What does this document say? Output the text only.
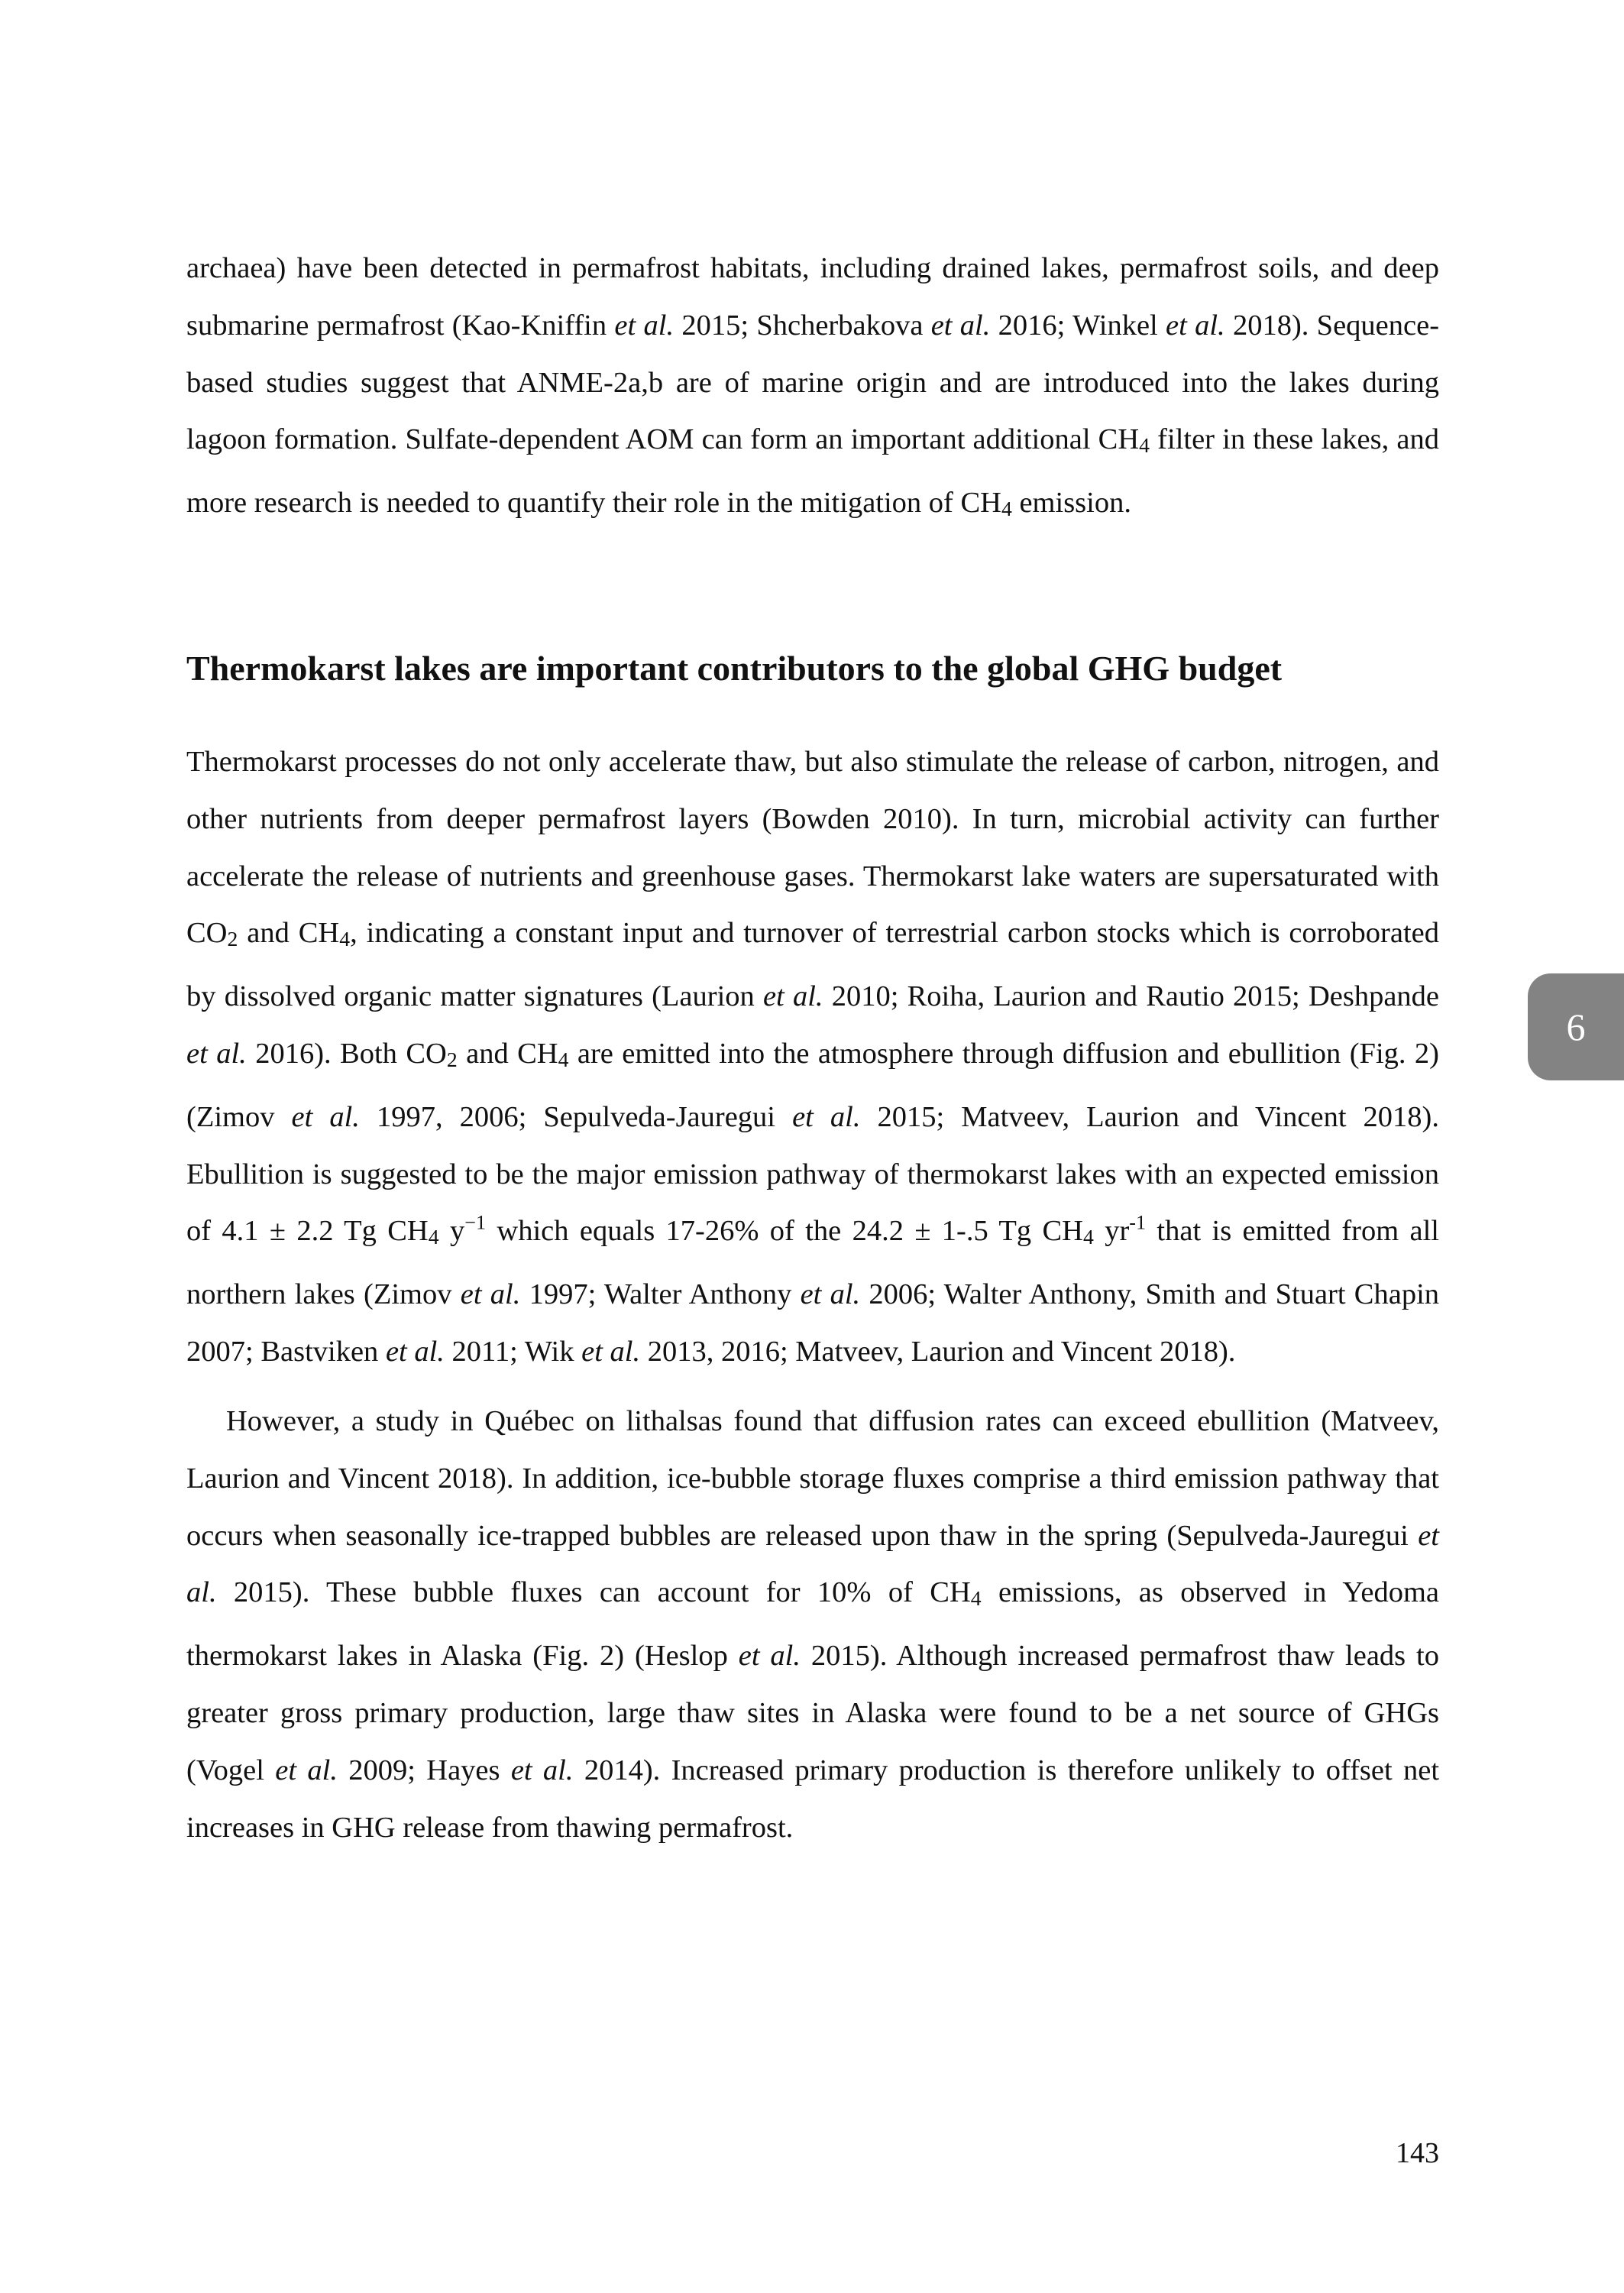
archaea) have been detected in permafrost habitats, including drained lakes, permafrost soils, and deep submarine permafrost (Kao-Kniffin et al. 2015; Shcherbakova et al. 2016; Winkel et al. 2018). Sequence-based studies suggest that ANME-2a,b are of marine origin and are introduced into the lakes during lagoon formation. Sulfate-dependent AOM can form an important additional CH4 filter in these lakes, and more research is needed to quantify their role in the mitigation of CH4 emission.

Thermokarst lakes are important contributors to the global GHG budget

Thermokarst processes do not only accelerate thaw, but also stimulate the release of carbon, nitrogen, and other nutrients from deeper permafrost layers (Bowden 2010). In turn, microbial activity can further accelerate the release of nutrients and greenhouse gases. Thermokarst lake waters are supersaturated with CO2 and CH4, indicating a constant input and turnover of terrestrial carbon stocks which is corroborated by dissolved organic matter signatures (Laurion et al. 2010; Roiha, Laurion and Rautio 2015; Deshpande et al. 2016). Both CO2 and CH4 are emitted into the atmosphere through diffusion and ebullition (Fig. 2) (Zimov et al. 1997, 2006; Sepulveda-Jauregui et al. 2015; Matveev, Laurion and Vincent 2018). Ebullition is suggested to be the major emission pathway of thermokarst lakes with an expected emission of 4.1 ± 2.2 Tg CH4 $y^{-1}$ which equals 17-26% of the 24.2 ± 1-.5 Tg CH4 $yr^{-1}$ that is emitted from all northern lakes (Zimov et al. 1997; Walter Anthony et al. 2006; Walter Anthony, Smith and Stuart Chapin 2007; Bastviken et al. 2011; Wik et al. 2013, 2016; Matveev, Laurion and Vincent 2018).

However, a study in Québec on lithalsas found that diffusion rates can exceed ebullition (Matveev, Laurion and Vincent 2018). In addition, ice-bubble storage fluxes comprise a third emission pathway that occurs when seasonally ice-trapped bubbles are released upon thaw in the spring (Sepulveda-Jauregui et al. 2015). These bubble fluxes can account for 10% of CH4 emissions, as observed in Yedoma thermokarst lakes in Alaska (Fig. 2) (Heslop et al. 2015). Although increased permafrost thaw leads to greater gross primary production, large thaw sites in Alaska were found to be a net source of GHGs (Vogel et al. 2009; Hayes et al. 2014). Increased primary production is therefore unlikely to offset net increases in GHG release from thawing permafrost.

6
143
